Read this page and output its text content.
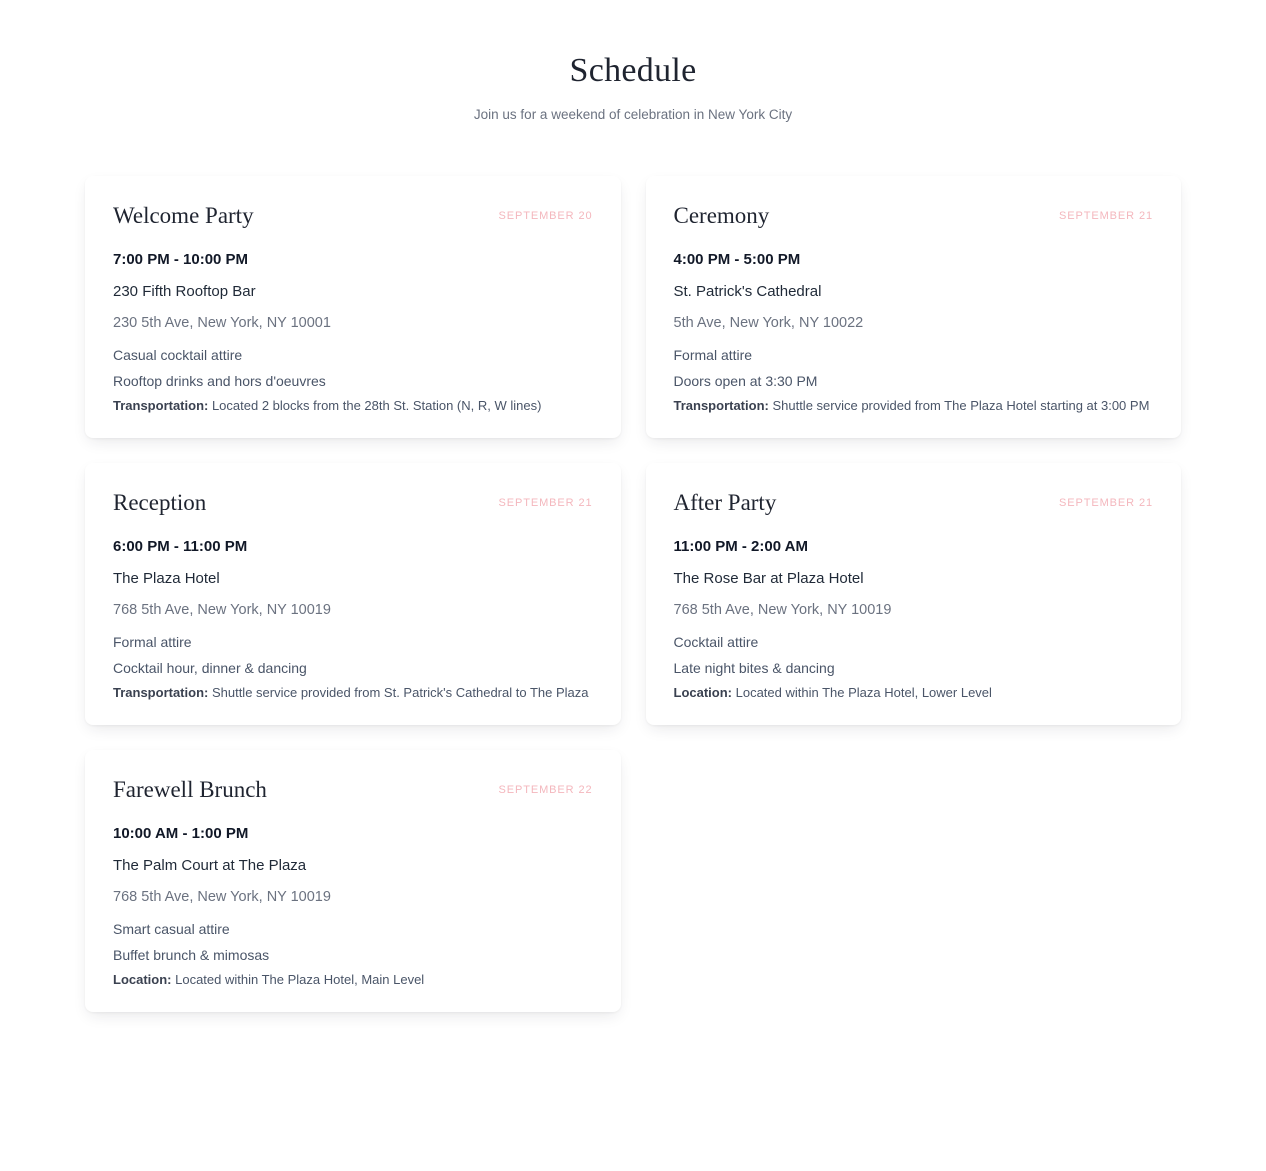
Schedule
Join us for a weekend of celebration in New York City
Welcome Party	SEPTEMBER 20
7:00 PM - 10:00 PM
230 Fifth Rooftop Bar
230 5th Ave, New York, NY 10001
Casual cocktail attire
Rooftop drinks and hors d'oeuvres
Transportation: Located 2 blocks from the 28th St. Station (N, R, W lines)
Ceremony	SEPTEMBER 21
4:00 PM - 5:00 PM
St. Patrick's Cathedral
5th Ave, New York, NY 10022
Formal attire
Doors open at 3:30 PM
Transportation: Shuttle service provided from The Plaza Hotel starting at 3:00 PM
Reception	SEPTEMBER 21
6:00 PM - 11:00 PM
The Plaza Hotel
768 5th Ave, New York, NY 10019
Formal attire
Cocktail hour, dinner & dancing
Transportation: Shuttle service provided from St. Patrick's Cathedral to The Plaza
After Party	SEPTEMBER 21
11:00 PM - 2:00 AM
The Rose Bar at Plaza Hotel
768 5th Ave, New York, NY 10019
Cocktail attire
Late night bites & dancing
Location: Located within The Plaza Hotel, Lower Level
Farewell Brunch	SEPTEMBER 22
10:00 AM - 1:00 PM
The Palm Court at The Plaza
768 5th Ave, New York, NY 10019
Smart casual attire
Buffet brunch & mimosas
Location: Located within The Plaza Hotel, Main Level
